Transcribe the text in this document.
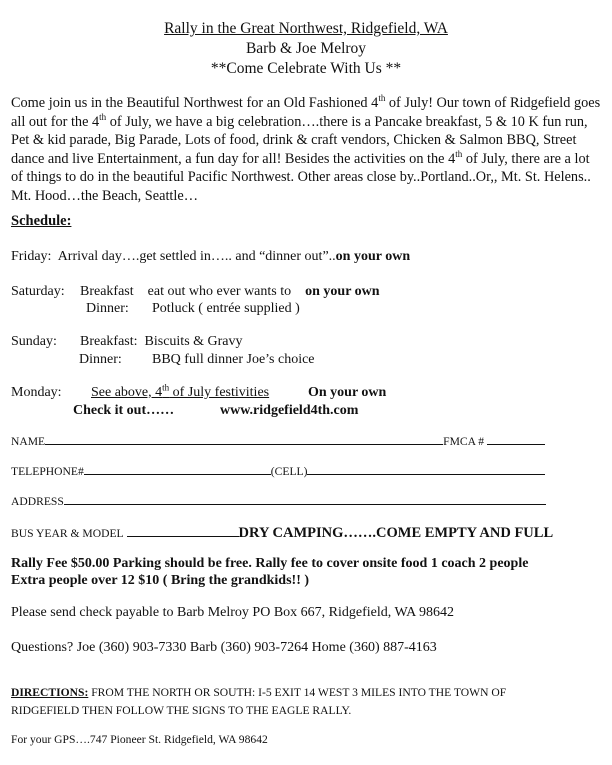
Rally in the Great Northwest, Ridgefield, WA
Barb & Joe Melroy
**Come Celebrate With Us **
Come join us in the Beautiful Northwest for an Old Fashioned 4th of July! Our town of Ridgefield goes all out for the 4th of July, we have a big celebration….there is a Pancake breakfast, 5 & 10 K fun run, Pet & kid parade, Big Parade, Lots of food, drink & craft vendors, Chicken & Salmon BBQ, Street dance and live Entertainment, a fun day for all! Besides the activities on the 4th of July, there are a lot of things to do in the beautiful Pacific Northwest. Other areas close by..Portland..Or,, Mt. St. Helens.. Mt. Hood…the Beach, Seattle…
Schedule:
Friday: Arrival day….get settled in….. and “dinner out”..on your own
Saturday: Breakfast eat out who ever wants to on your own
Dinner: Potluck ( entrée supplied )
Sunday: Breakfast: Biscuits & Gravy
Dinner: BBQ full dinner Joe’s choice
Monday: See above, 4th of July festivities	On your own
Check it out……	www.ridgefield4th.com
NAME	FMCA #
TELEPHONE#	(CELL)
ADDRESS
BUS YEAR & MODEL	DRY CAMPING…….COME EMPTY AND FULL
Rally Fee $50.00 Parking should be free. Rally fee to cover onsite food 1 coach 2 people
Extra people over 12 $10 ( Bring the grandkids!! )
Please send check payable to Barb Melroy PO Box 667, Ridgefield, WA 98642
Questions? Joe (360) 903-7330 Barb (360) 903-7264 Home (360) 887-4163
DIRECTIONS: FROM THE NORTH OR SOUTH: I-5 EXIT 14 WEST 3 MILES INTO THE TOWN OF
RIDGEFIELD THEN FOLLOW THE SIGNS TO THE EAGLE RALLY.
For your GPS….747 Pioneer St. Ridgefield, WA 98642
